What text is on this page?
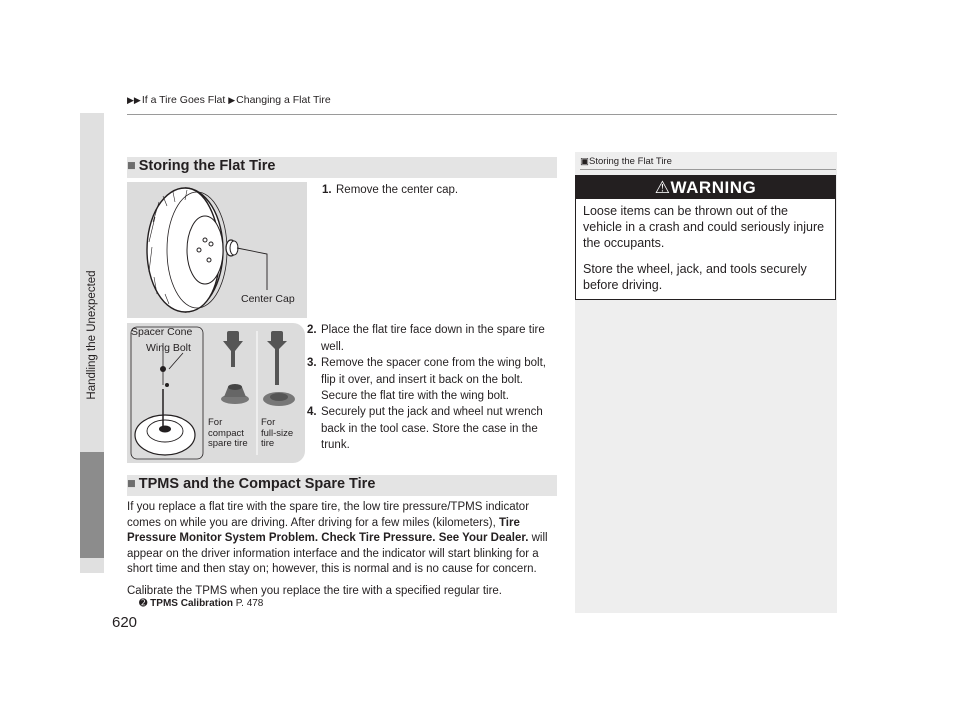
▶▶If a Tire Goes Flat ▶Changing a Flat Tire
Handling the Unexpected
620
■ Storing the Flat Tire
Center Cap
Spacer Cone
Wing Bolt
For
compact
spare tire
For
full-size
tire
1. Remove the center cap.
2. Place the flat tire face down in the spare tire well.
3. Remove the spacer cone from the wing bolt, flip it over, and insert it back on the bolt. Secure the flat tire with the wing bolt.
4. Securely put the jack and wheel nut wrench back in the tool case. Store the case in the trunk.
■ TPMS and the Compact Spare Tire
If you replace a flat tire with the spare tire, the low tire pressure/TPMS indicator comes on while you are driving. After driving for a few miles (kilometers), Tire Pressure Monitor System Problem. Check Tire Pressure. See Your Dealer. will appear on the driver information interface and the indicator will start blinking for a short time and then stay on; however, this is normal and is no cause for concern.
Calibrate the TPMS when you replace the tire with a specified regular tire.
➋ TPMS Calibration P. 478
▣Storing the Flat Tire
⚠WARNING
Loose items can be thrown out of the vehicle in a crash and could seriously injure the occupants.
Store the wheel, jack, and tools securely before driving.
